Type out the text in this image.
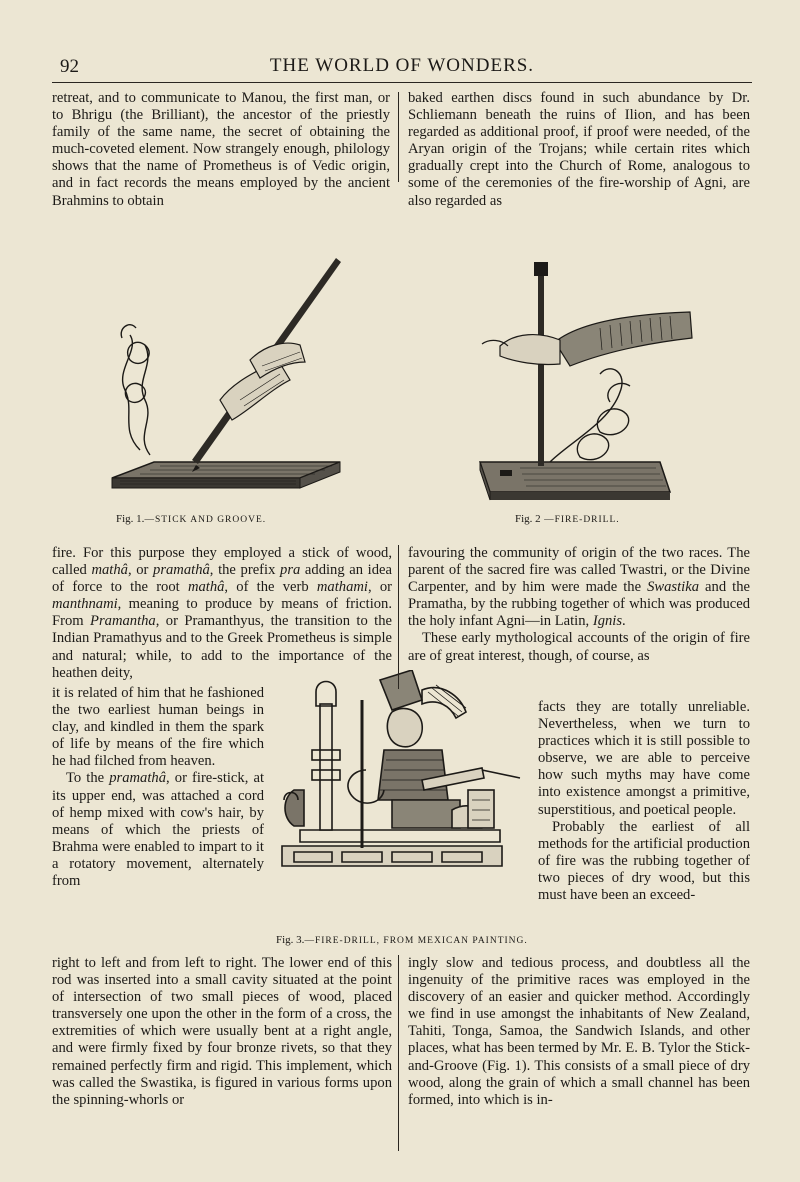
92	THE WORLD OF WONDERS.

retreat, and to communicate to Manou, the first man, or to Bhrigu (the Brilliant), the ancestor of the priestly family of the same name, the secret of obtaining the much-coveted element. Now strangely enough, philology shows that the name of Prometheus is of Vedic origin, and in fact records the means employed by the ancient Brahmins to obtain

baked earthen discs found in such abundance by Dr. Schliemann beneath the ruins of Ilion, and has been regarded as additional proof, if proof were needed, of the Aryan origin of the Trojans; while certain rites which gradually crept into the Church of Rome, analogous to some of the ceremonies of the fire-worship of Agni, are also regarded as

Fig. 1.—STICK AND GROOVE.	Fig. 2 —FIRE-DRILL.

fire. For this purpose they employed a stick of wood, called mathâ, or pramathâ, the prefix pra adding an idea of force to the root mathâ, of the verb mathami, or manthnami, meaning to produce by means of friction. From Pramantha, or Pramanthyus, the transition to the Indian Pramathyus and to the Greek Prometheus is simple and natural; while, to add to the importance of the heathen deity,

it is related of him that he fashioned the two earliest human beings in clay, and kindled in them the spark of life by means of the fire which he had filched from heaven.

To the pramathâ, or fire-stick, at its upper end, was attached a cord of hemp mixed with cow's hair, by means of which the priests of Brahma were enabled to impart to it a rotatory movement, alternately from

right to left and from left to right. The lower end of this rod was inserted into a small cavity situated at the point of intersection of two small pieces of wood, placed transversely one upon the other in the form of a cross, the extremities of which were usually bent at a right angle, and were firmly fixed by four bronze rivets, so that they remained perfectly firm and rigid. This implement, which was called the Swastika, is figured in various forms upon the spinning-whorls or

Fig. 3.—FIRE-DRILL, FROM MEXICAN PAINTING.

favouring the community of origin of the two races. The parent of the sacred fire was called Twastri, or the Divine Carpenter, and by him were made the Swastika and the Pramatha, by the rubbing together of which was produced the holy infant Agni—in Latin, Ignis.

These early mythological accounts of the origin of fire are of great interest, though, of course, as

facts they are totally unreliable. Nevertheless, when we turn to practices which it is still possible to observe, we are able to perceive how such myths may have come into existence amongst a primitive, superstitious, and poetical people.

Probably the earliest of all methods for the artificial production of fire was the rubbing together of two pieces of dry wood, but this must have been an exceed-

ingly slow and tedious process, and doubtless all the ingenuity of the primitive races was employed in the discovery of an easier and quicker method. Accordingly we find in use amongst the inhabitants of New Zealand, Tahiti, Tonga, Samoa, the Sandwich Islands, and other places, what has been termed by Mr. E. B. Tylor the Stick-and-Groove (Fig. 1). This consists of a small piece of dry wood, along the grain of which a small channel has been formed, into which is in-
